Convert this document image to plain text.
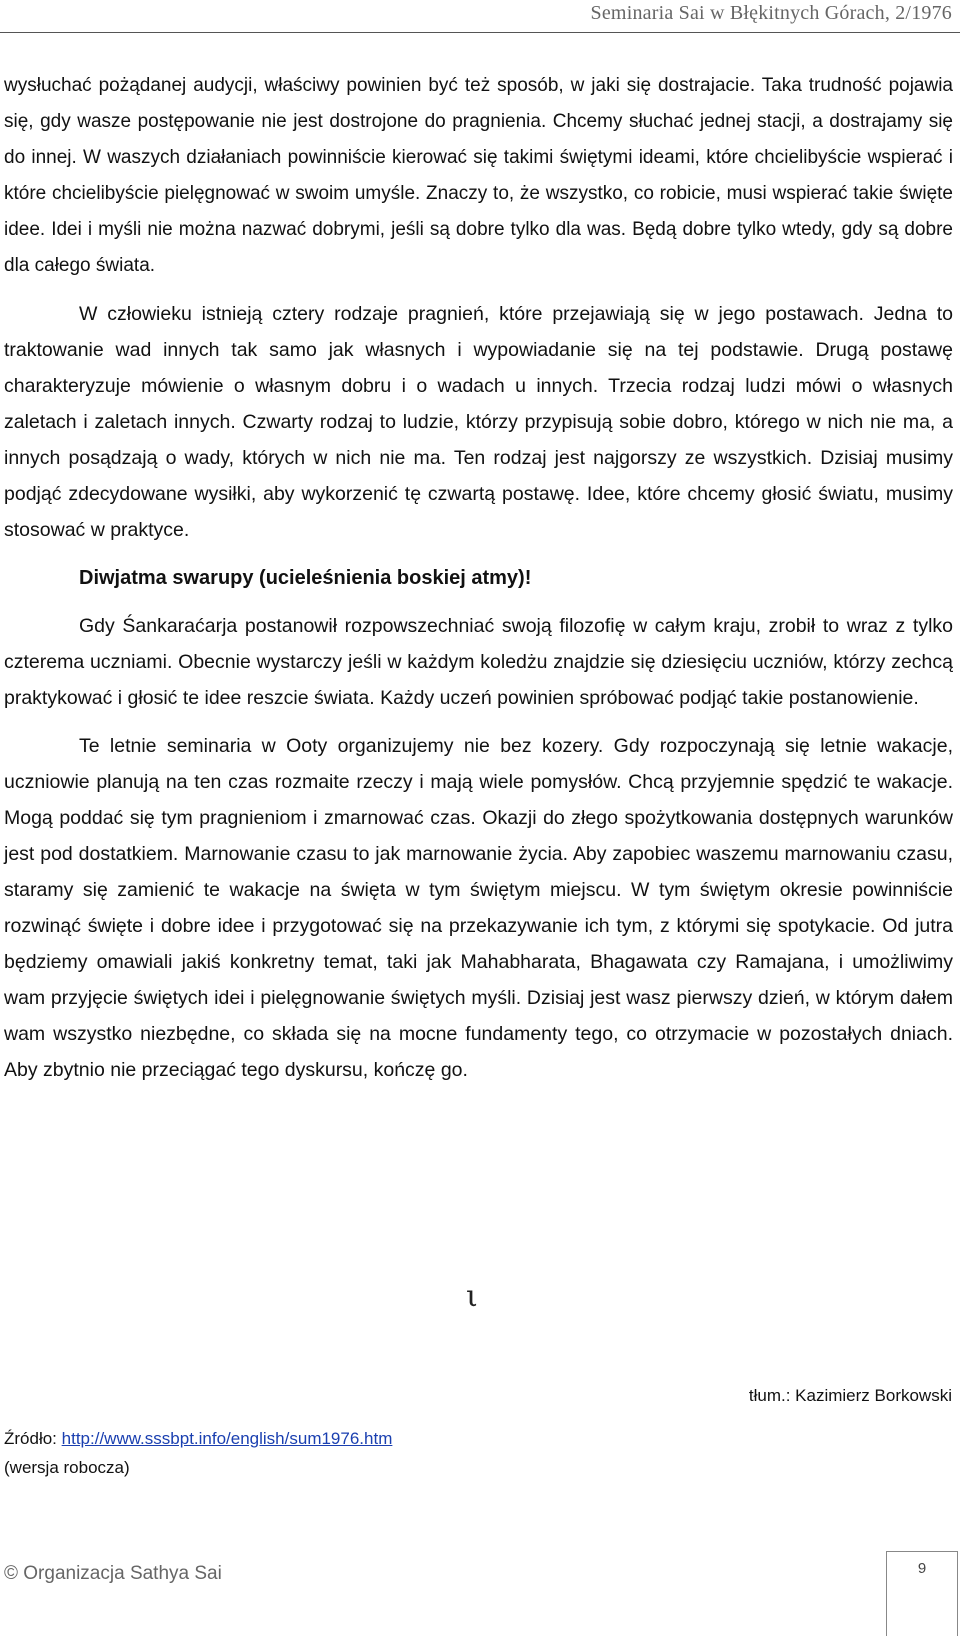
Seminaria Sai w Błękitnych Górach, 2/1976

wysłuchać pożądanej audycji, właściwy powinien być też sposób, w jaki się dostrajacie. Taka trudność pojawia się, gdy wasze postępowanie nie jest dostrojone do pragnienia. Chcemy słuchać jednej stacji, a dostrajamy się do innej. W waszych działaniach powinniście kierować się takimi świętymi ideami, które chcielibyście wspierać i które chcielibyście pielęgnować w swoim umyśle. Znaczy to, że wszystko, co robicie, musi wspierać takie święte idee. Idei i myśli nie można nazwać dobrymi, jeśli są dobre tylko dla was. Będą dobre tylko wtedy, gdy są dobre dla całego świata.

W człowieku istnieją cztery rodzaje pragnień, które przejawiają się w jego postawach. Jedna to traktowanie wad innych tak samo jak własnych i wypowiadanie się na tej podstawie. Drugą postawę charakteryzuje mówienie o własnym dobru i o wadach u innych. Trzecia rodzaj ludzi mówi o własnych zaletach i zaletach innych. Czwarty rodzaj to ludzie, którzy przypisują sobie dobro, którego w nich nie ma, a innych posądzają o wady, których w nich nie ma. Ten rodzaj jest najgorszy ze wszystkich. Dzisiaj musimy podjąć zdecydowane wysiłki, aby wykorzenić tę czwartą postawę. Idee, które chcemy głosić światu, musimy stosować w praktyce.

Diwjatma swarupy (ucieleśnienia boskiej atmy)!

Gdy Śankaraćarja postanowił rozpowszechniać swoją filozofię w całym kraju, zrobił to wraz z tylko czterema uczniami. Obecnie wystarczy jeśli w każdym koledżu znajdzie się dziesięciu uczniów, którzy zechcą praktykować i głosić te idee reszcie świata. Każdy uczeń powinien spróbować podjąć takie postanowienie.

Te letnie seminaria w Ooty organizujemy nie bez kozery. Gdy rozpoczynają się letnie wakacje, uczniowie planują na ten czas rozmaite rzeczy i mają wiele pomysłów. Chcą przyjemnie spędzić te wakacje. Mogą poddać się tym pragnieniom i zmarnować czas. Okazji do złego spożytkowania dostępnych warunków jest pod dostatkiem. Marnowanie czasu to jak marnowanie życia. Aby zapobiec waszemu marnowaniu czasu, staramy się zamienić te wakacje na święta w tym świętym miejscu. W tym świętym okresie powinniście rozwinąć święte i dobre idee i przygotować się na przekazywanie ich tym, z którymi się spotykacie. Od jutra będziemy omawiali jakiś konkretny temat, taki jak Mahabharata, Bhagawata czy Ramajana, i umożliwimy wam przyjęcie świętych idei i pielęgnowanie świętych myśli. Dzisiaj jest wasz pierwszy dzień, w którym dałem wam wszystko niezbędne, co składa się na mocne fundamenty tego, co otrzymacie w pozostałych dniach. Aby zbytnio nie przeciągać tego dyskursu, kończę go.

ι
tłum.: Kazimierz Borkowski
Źródło: http://www.sssbpt.info/english/sum1976.htm
(wersja robocza)
© Organizacja Sathya Sai	9
